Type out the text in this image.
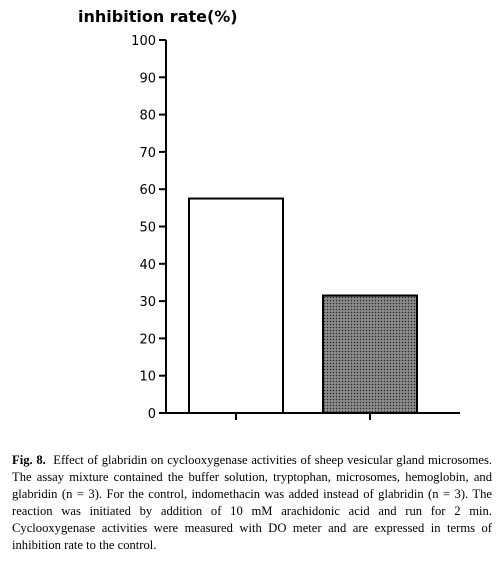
inhibition rate(%)
0
10
20
30
40
50
60
70
80
90
100
Fig. 8. Effect of glabridin on cyclooxygenase activities of sheep vesicular gland microsomes. The assay mixture contained the buffer solution, tryptophan, microsomes, hemoglobin, and glabridin (n = 3). For the control, indomethacin was added instead of glabridin (n = 3). The reaction was initiated by addition of 10 mM arachidonic acid and run for 2 min. Cyclooxygenase activities were measured with DO meter and are expressed in terms of inhibition rate to the control.
